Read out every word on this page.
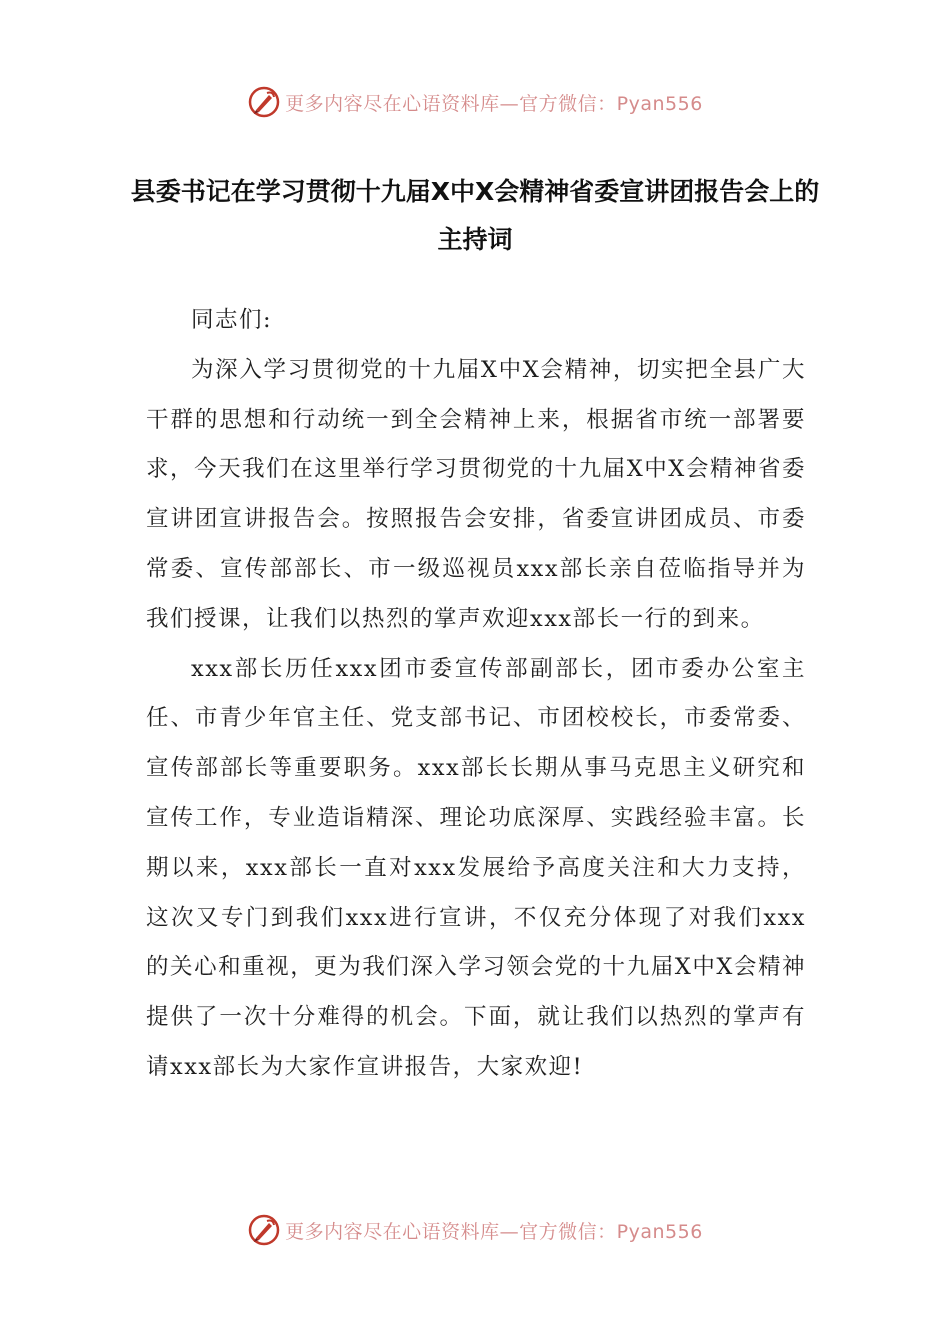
更多内容尽在心语资料库—官方微信：Pyan556
县委书记在学习贯彻十九届X中X会精神省委宣讲团报告会上的主持词

同志们:

为深入学习贯彻党的十九届X中X会精神，切实把全县广大干群的思想和行动统一到全会精神上来，根据省市统一部署要求，今天我们在这里举行学习贯彻党的十九届X中X会精神省委宣讲团宣讲报告会。按照报告会安排，省委宣讲团成员、市委常委、宣传部部长、市一级巡视员xxx部长亲自莅临指导并为我们授课，让我们以热烈的掌声欢迎xxx部长一行的到来。

xxx部长历任xxx团市委宣传部副部长，团市委办公室主任、市青少年官主任、党支部书记、市团校校长，市委常委、宣传部部长等重要职务。xxx部长长期从事马克思主义研究和宣传工作，专业造诣精深、理论功底深厚、实践经验丰富。长期以来，xxx部长一直对xxx发展给予高度关注和大力支持，这次又专门到我们xxx进行宣讲，不仅充分体现了对我们xxx的关心和重视，更为我们深入学习领会党的十九届X中X会精神提供了一次十分难得的机会。下面，就让我们以热烈的掌声有请xxx部长为大家作宣讲报告，大家欢迎!

更多内容尽在心语资料库—官方微信：Pyan556
